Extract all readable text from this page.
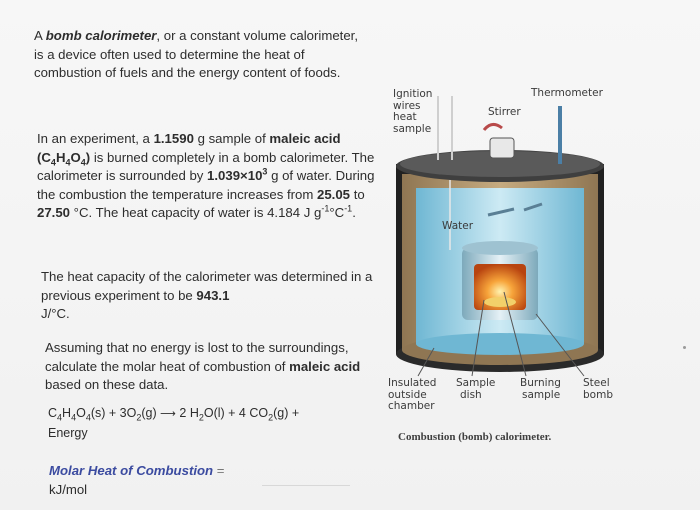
A bomb calorimeter, or a constant volume calorimeter, is a device often used to determine the heat of combustion of fuels and the energy content of foods.
In an experiment, a 1.1590 g sample of maleic acid
$(C_4H_4O_4)$ is burned completely in a bomb calorimeter. The calorimeter is surrounded by $1.039\times 10^3$ g of water. During the combustion the temperature increases from 25.05 to 27.50 °C. The heat capacity of water is 4.184 J $g^{-1}^\circ C^{-1}$.
The heat capacity of the calorimeter was determined in a previous experiment to be 943.1
J/°C.
Assuming that no energy is lost to the surroundings, calculate the molar heat of combustion of maleic acid based on these data.
$C_4H_4O_4(s) + 3O_2(g)$ ⟶ 2 $H_2O(l) + 4$ $CO_2(g)$ +
Energy
Molar Heat of Combustion =
kJ/mol
Ignition
wires
heat
sample
Thermometer
Stirrer
Water
Insulated
outside
chamber
Sample
dish
Burning
sample
Steel
bomb
Combustion (bomb) calorimeter.
